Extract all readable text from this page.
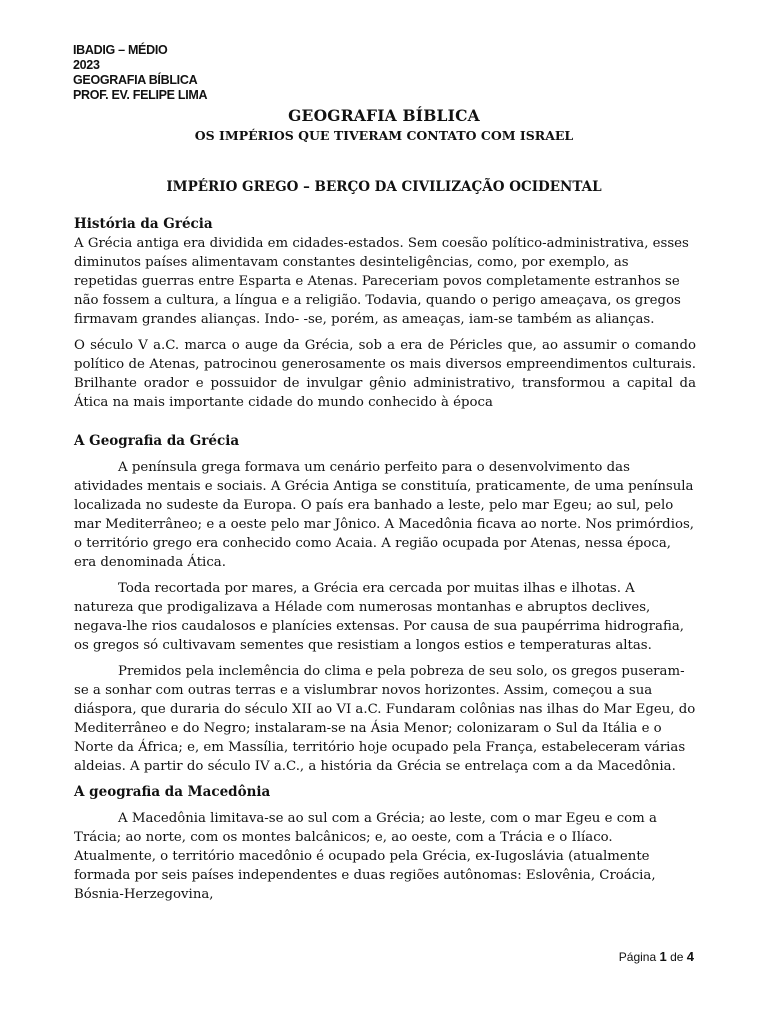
IBADIG – MÉDIO
2023
GEOGRAFIA BÍBLICA
PROF. EV. FELIPE LIMA
GEOGRAFIA BÍBLICA
OS IMPÉRIOS QUE TIVERAM CONTATO COM ISRAEL
IMPÉRIO GREGO – BERÇO DA CIVILIZAÇÃO OCIDENTAL
História da Grécia

A Grécia antiga era dividida em cidades-estados. Sem coesão político-administrativa, esses diminutos países alimentavam constantes desinteligências, como, por exemplo, as repetidas guerras entre Esparta e Atenas. Pareceriam povos completamente estranhos se não fossem a cultura, a língua e a religião. Todavia, quando o perigo ameaçava, os gregos firmavam grandes alianças. Indo- -se, porém, as ameaças, iam-se também as alianças.

O século V a.C. marca o auge da Grécia, sob a era de Péricles que, ao assumir o comando político de Atenas, patrocinou generosamente os mais diversos empreendimentos culturais. Brilhante orador e possuidor de invulgar gênio administrativo, transformou a capital da Ática na mais importante cidade do mundo conhecido à época

A Geografia da Grécia

A península grega formava um cenário perfeito para o desenvolvimento das atividades mentais e sociais. A Grécia Antiga se constituía, praticamente, de uma península localizada no sudeste da Europa. O país era banhado a leste, pelo mar Egeu; ao sul, pelo mar Mediterrâneo; e a oeste pelo mar Jônico. A Macedônia ficava ao norte. Nos primórdios, o território grego era conhecido como Acaia. A região ocupada por Atenas, nessa época, era denominada Ática.

Toda recortada por mares, a Grécia era cercada por muitas ilhas e ilhotas. A natureza que prodigalizava a Hélade com numerosas montanhas e abruptos declives, negava-lhe rios caudalosos e planícies extensas. Por causa de sua paupérrima hidrografia, os gregos só cultivavam sementes que resistiam a longos estios e temperaturas altas.

Premidos pela inclemência do clima e pela pobreza de seu solo, os gregos puseram-se a sonhar com outras terras e a vislumbrar novos horizontes. Assim, começou a sua diáspora, que duraria do século XII ao VI a.C. Fundaram colônias nas ilhas do Mar Egeu, do Mediterrâneo e do Negro; instalaram-se na Ásia Menor; colonizaram o Sul da Itália e o Norte da África; e, em Massília, território hoje ocupado pela França, estabeleceram várias aldeias. A partir do século IV a.C., a história da Grécia se entrelaça com a da Macedônia.

A geografia da Macedônia

A Macedônia limitava-se ao sul com a Grécia; ao leste, com o mar Egeu e com a Trácia; ao norte, com os montes balcânicos; e, ao oeste, com a Trácia e o Ilíaco. Atualmente, o território macedônio é ocupado pela Grécia, ex-Iugoslávia (atualmente formada por seis países independentes e duas regiões autônomas: Eslovênia, Croácia, Bósnia-Herzegovina,

Página 1 de 4
